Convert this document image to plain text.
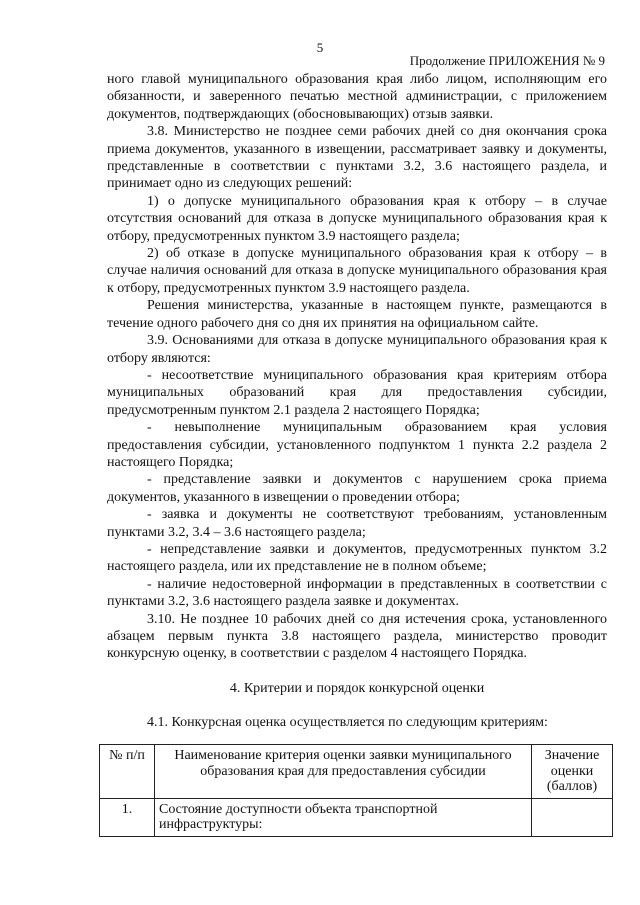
5
Продолжение ПРИЛОЖЕНИЯ № 9

ного главой муниципального образования края либо лицом, исполняющим его обязанности, и заверенного печатью местной администрации, с приложением документов, подтверждающих (обосновывающих) отзыв заявки.

3.8. Министерство не позднее семи рабочих дней со дня окончания срока приема документов, указанного в извещении, рассматривает заявку и документы, представленные в соответствии с пунктами 3.2, 3.6 настоящего раздела, и принимает одно из следующих решений:

1) о допуске муниципального образования края к отбору – в случае отсутствия оснований для отказа в допуске муниципального образования края к отбору, предусмотренных пунктом 3.9 настоящего раздела;

2) об отказе в допуске муниципального образования края к отбору – в случае наличия оснований для отказа в допуске муниципального образования края к отбору, предусмотренных пунктом 3.9 настоящего раздела.

Решения министерства, указанные в настоящем пункте, размещаются в течение одного рабочего дня со дня их принятия на официальном сайте.

3.9. Основаниями для отказа в допуске муниципального образования края к отбору являются:

- несоответствие муниципального образования края критериям отбора муниципальных образований края для предоставления субсидии, предусмотренным пунктом 2.1 раздела 2 настоящего Порядка;

- невыполнение муниципальным образованием края условия предоставления субсидии, установленного подпунктом 1 пункта 2.2 раздела 2 настоящего Порядка;

- представление заявки и документов с нарушением срока приема документов, указанного в извещении о проведении отбора;

- заявка и документы не соответствуют требованиям, установленным пунктами 3.2, 3.4 – 3.6 настоящего раздела;

- непредставление заявки и документов, предусмотренных пунктом 3.2 настоящего раздела, или их представление не в полном объеме;

- наличие недостоверной информации в представленных в соответствии с пунктами 3.2, 3.6 настоящего раздела заявке и документах.

3.10. Не позднее 10 рабочих дней со дня истечения срока, установленного абзацем первым пункта 3.8 настоящего раздела, министерство проводит конкурсную оценку, в соответствии с разделом 4 настоящего Порядка.

4. Критерии и порядок конкурсной оценки

4.1. Конкурсная оценка осуществляется по следующим критериям:

№ п/п	Наименование критерия оценки заявки муниципального образования края для предоставления субсидии	Значение оценки (баллов)
1.	Состояние доступности объекта транспортной инфраструктуры:	
